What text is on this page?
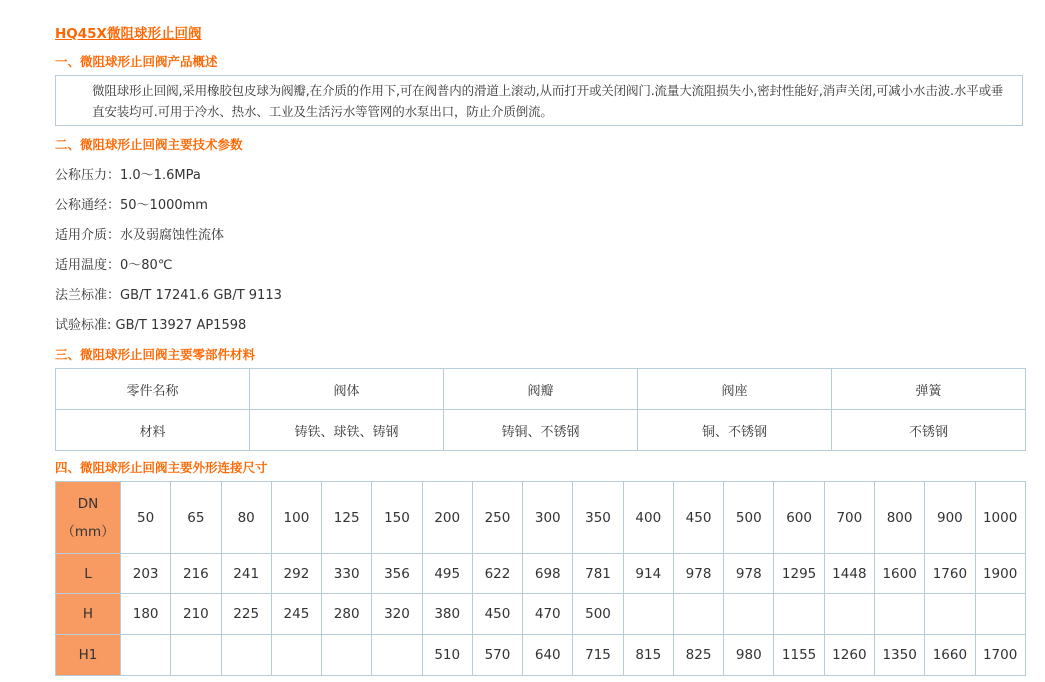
HQ45X微阻球形止回阀
一、微阻球形止回阀产品概述
微阻球形止回阀,采用橡胶包皮球为阀瓣,在介质的作用下,可在阀普内的滑道上滚动,从而打开或关闭阀门.流量大流阻损失小,密封性能好,消声关闭,可减小水击波.水平或垂直安装均可.可用于冷水、热水、工业及生活污水等管网的水泵出口，防止介质倒流。
二、微阻球形止回阀主要技术参数
公称压力：1.0～1.6MPa
公称通经：50～1000mm
适用介质：水及弱腐蚀性流体
适用温度：0～80℃
法兰标准：GB/T 17241.6 GB/T 9113
试验标准: GB/T 13927 AP1598
三、微阻球形止回阀主要零部件材料
零件名称	阀体	阀瓣	阀座	弹簧
材料	铸铁、球铁、铸钢	铸铜、不锈钢	铜、不锈钢	不锈钢
四、微阻球形止回阀主要外形连接尺寸
DN
（mm）	50	65	80	100	125	150	200	250	300	350	400	450	500	600	700	800	900	1000
L	203	216	241	292	330	356	495	622	698	781	914	978	978	1295	1448	1600	1760	1900
H	180	210	225	245	280	320	380	450	470	500								
H1							510	570	640	715	815	825	980	1155	1260	1350	1660	1700
